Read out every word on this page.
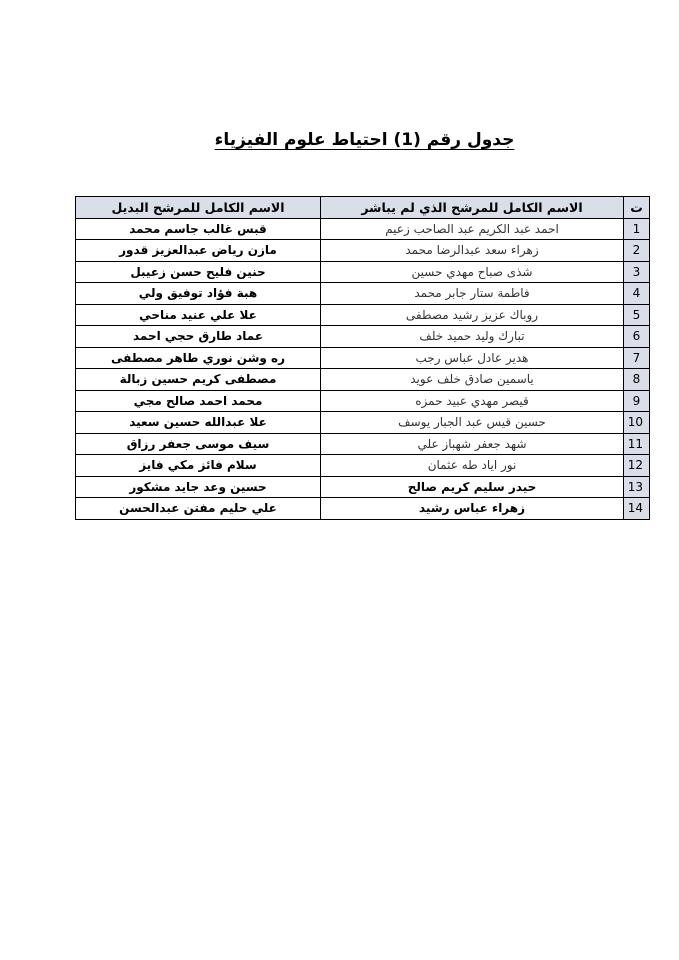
جدول رقم (1) احتياط علوم الفيزياء
ت	الاسم الكامل للمرشح الذي لم يباشر	الاسم الكامل للمرشح البديل
1	احمد عبد الكريم عبد الصاحب زعيم	قبس غالب جاسم محمد
2	زهراء سعد عبدالرضا محمد	مازن رياض عبدالعزيز قدور
3	شذى صباح مهدي حسين	حنين فليح حسن زعيبل
4	فاطمة ستار جابر محمد	هبة فؤاد توفيق ولي
5	روباك عزيز رشيد مصطفى	علا علي عنيد مناحي
6	تبارك وليد حميد خلف	عماد طارق حجي احمد
7	هدير عادل عباس رجب	ره وشن نوري طاهر مصطفى
8	ياسمين صادق خلف عويد	مصطفى كريم حسين زبالة
9	قيصر مهدي عبيد حمزه	محمد احمد صالح مجي
10	حسين قيس عبد الجبار يوسف	علا عبدالله حسين سعيد
11	شهد جعفر شهباز علي	سيف موسى جعفر رزاق
12	نور اياد طه عثمان	سلام فائز مكي فايز
13	حيدر سليم كريم صالح	حسين وعد جايد مشكور
14	زهراء عباس رشيد	علي حليم مفتن عبدالحسن
